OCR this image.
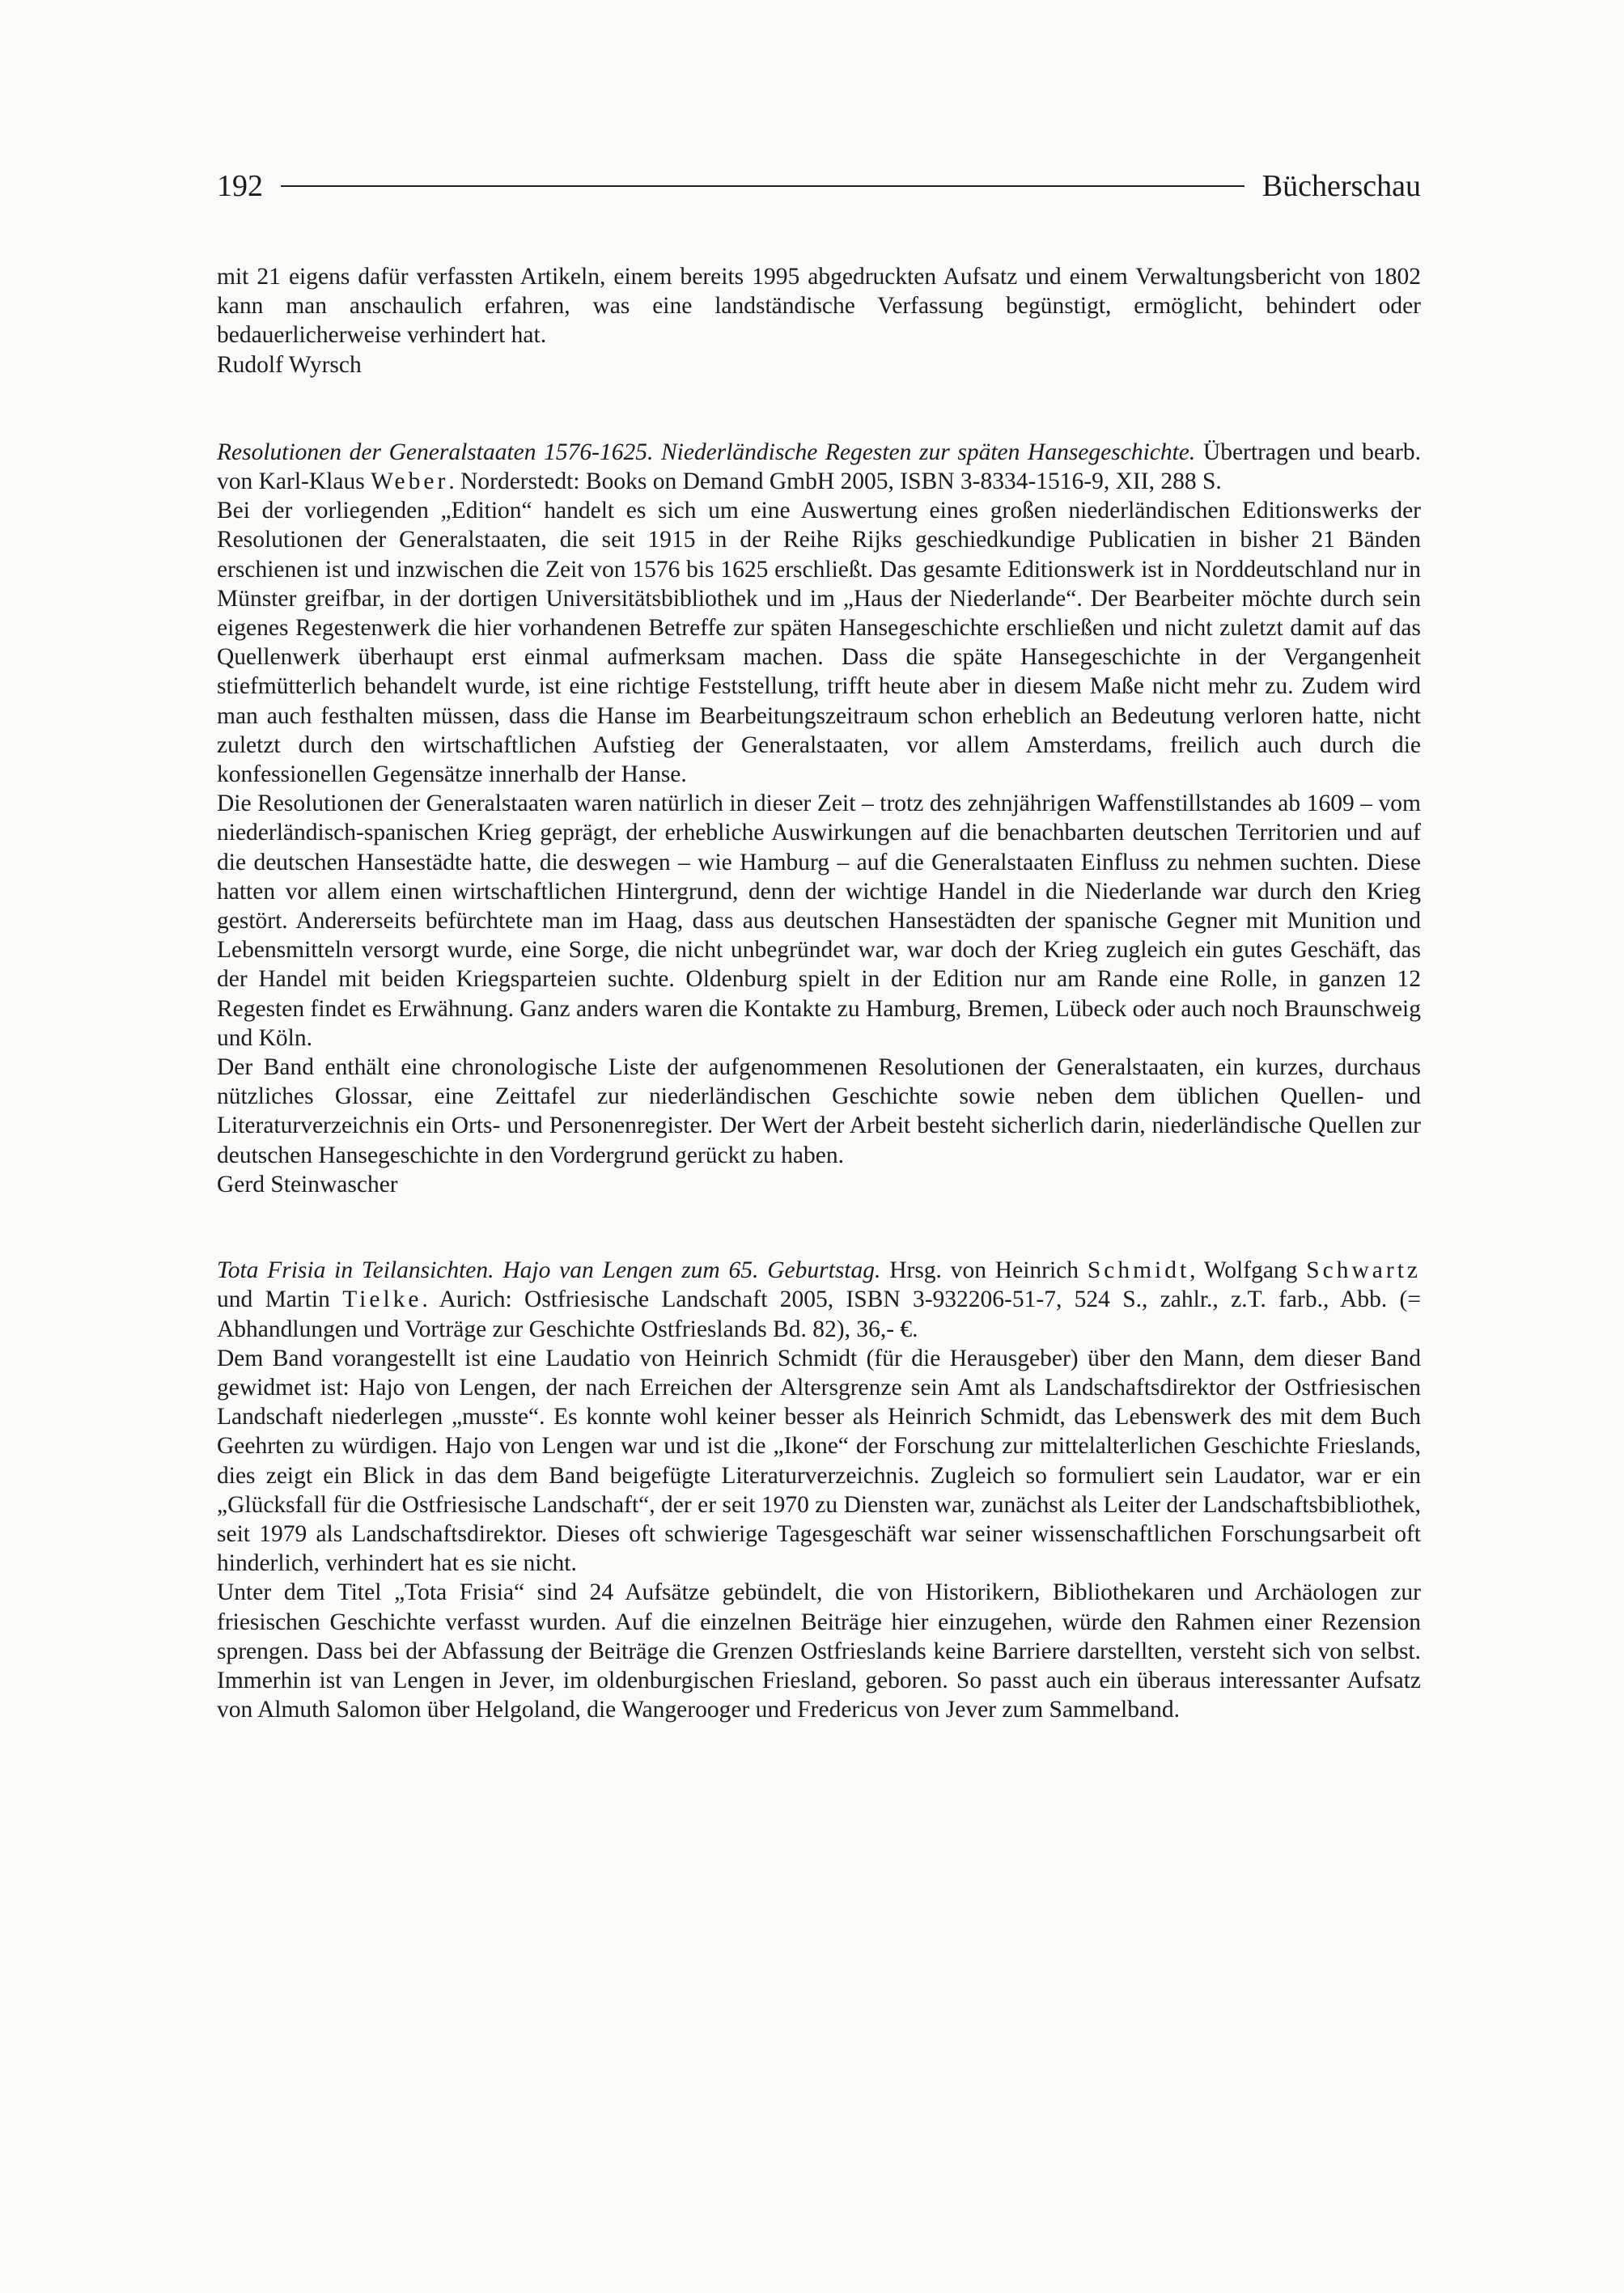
192	Bücherschau

mit 21 eigens dafür verfassten Artikeln, einem bereits 1995 abgedruckten Aufsatz und einem Verwaltungsbericht von 1802 kann man anschaulich erfahren, was eine landständische Verfassung begünstigt, ermöglicht, behindert oder bedauerlicherweise verhindert hat.

Rudolf Wyrsch

Resolutionen der Generalstaaten 1576-1625. Niederländische Regesten zur späten Hansegeschichte. Übertragen und bearb. von Karl-Klaus Weber. Norderstedt: Books on Demand GmbH 2005, ISBN 3-8334-1516-9, XII, 288 S.

Bei der vorliegenden „Edition“ handelt es sich um eine Auswertung eines großen niederländischen Editionswerks der Resolutionen der Generalstaaten, die seit 1915 in der Reihe Rijks geschiedkundige Publicatien in bisher 21 Bänden erschienen ist und inzwischen die Zeit von 1576 bis 1625 erschließt. Das gesamte Editionswerk ist in Norddeutschland nur in Münster greifbar, in der dortigen Universitätsbibliothek und im „Haus der Niederlande“. Der Bearbeiter möchte durch sein eigenes Regestenwerk die hier vorhandenen Betreffe zur späten Hansegeschichte erschließen und nicht zuletzt damit auf das Quellenwerk überhaupt erst einmal aufmerksam machen. Dass die späte Hansegeschichte in der Vergangenheit stiefmütterlich behandelt wurde, ist eine richtige Feststellung, trifft heute aber in diesem Maße nicht mehr zu. Zudem wird man auch festhalten müssen, dass die Hanse im Bearbeitungszeitraum schon erheblich an Bedeutung verloren hatte, nicht zuletzt durch den wirtschaftlichen Aufstieg der Generalstaaten, vor allem Amsterdams, freilich auch durch die konfessionellen Gegensätze innerhalb der Hanse.

Die Resolutionen der Generalstaaten waren natürlich in dieser Zeit – trotz des zehnjährigen Waffenstillstandes ab 1609 – vom niederländisch-spanischen Krieg geprägt, der erhebliche Auswirkungen auf die benachbarten deutschen Territorien und auf die deutschen Hansestädte hatte, die deswegen – wie Hamburg – auf die Generalstaaten Einfluss zu nehmen suchten. Diese hatten vor allem einen wirtschaftlichen Hintergrund, denn der wichtige Handel in die Niederlande war durch den Krieg gestört. Andererseits befürchtete man im Haag, dass aus deutschen Hansestädten der spanische Gegner mit Munition und Lebensmitteln versorgt wurde, eine Sorge, die nicht unbegründet war, war doch der Krieg zugleich ein gutes Geschäft, das der Handel mit beiden Kriegsparteien suchte. Oldenburg spielt in der Edition nur am Rande eine Rolle, in ganzen 12 Regesten findet es Erwähnung. Ganz anders waren die Kontakte zu Hamburg, Bremen, Lübeck oder auch noch Braunschweig und Köln.

Der Band enthält eine chronologische Liste der aufgenommenen Resolutionen der Generalstaaten, ein kurzes, durchaus nützliches Glossar, eine Zeittafel zur niederländischen Geschichte sowie neben dem üblichen Quellen- und Literaturverzeichnis ein Orts- und Personenregister. Der Wert der Arbeit besteht sicherlich darin, niederländische Quellen zur deutschen Hansegeschichte in den Vordergrund gerückt zu haben.

Gerd Steinwascher

Tota Frisia in Teilansichten. Hajo van Lengen zum 65. Geburtstag. Hrsg. von Heinrich Schmidt, Wolfgang Schwartz und Martin Tielke. Aurich: Ostfriesische Landschaft 2005, ISBN 3-932206-51-7, 524 S., zahlr., z.T. farb., Abb. (= Abhandlungen und Vorträge zur Geschichte Ostfrieslands Bd. 82), 36,- €.

Dem Band vorangestellt ist eine Laudatio von Heinrich Schmidt (für die Herausgeber) über den Mann, dem dieser Band gewidmet ist: Hajo von Lengen, der nach Erreichen der Altersgrenze sein Amt als Landschaftsdirektor der Ostfriesischen Landschaft niederlegen „musste“. Es konnte wohl keiner besser als Heinrich Schmidt, das Lebenswerk des mit dem Buch Geehrten zu würdigen. Hajo von Lengen war und ist die „Ikone“ der Forschung zur mittelalterlichen Geschichte Frieslands, dies zeigt ein Blick in das dem Band beigefügte Literaturverzeichnis. Zugleich so formuliert sein Laudator, war er ein „Glücksfall für die Ostfriesische Landschaft“, der er seit 1970 zu Diensten war, zunächst als Leiter der Landschaftsbibliothek, seit 1979 als Landschaftsdirektor. Dieses oft schwierige Tagesgeschäft war seiner wissenschaftlichen Forschungsarbeit oft hinderlich, verhindert hat es sie nicht.

Unter dem Titel „Tota Frisia“ sind 24 Aufsätze gebündelt, die von Historikern, Bibliothekaren und Archäologen zur friesischen Geschichte verfasst wurden. Auf die einzelnen Beiträge hier einzugehen, würde den Rahmen einer Rezension sprengen. Dass bei der Abfassung der Beiträge die Grenzen Ostfrieslands keine Barriere darstellten, versteht sich von selbst. Immerhin ist van Lengen in Jever, im oldenburgischen Friesland, geboren. So passt auch ein überaus interessanter Aufsatz von Almuth Salomon über Helgoland, die Wangerooger und Fredericus von Jever zum Sammelband.
